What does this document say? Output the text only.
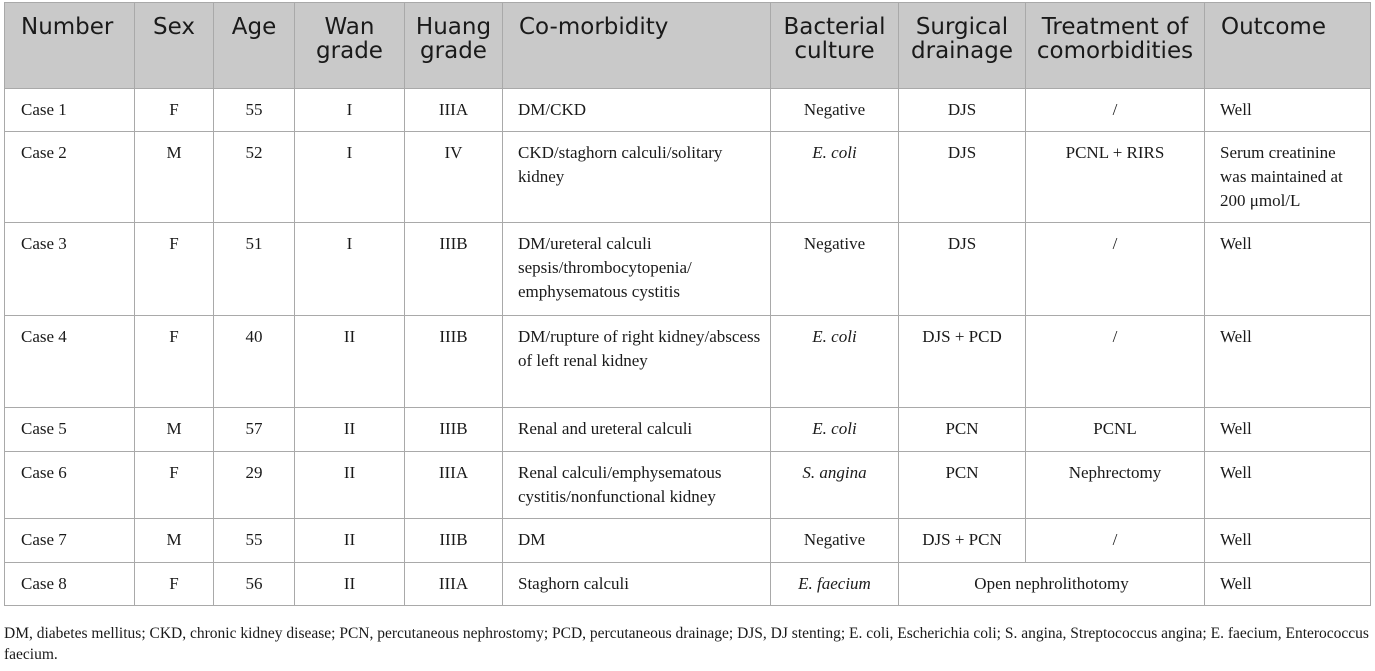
Number	Sex	Age	Wan grade	Huang grade	Co-morbidity	Bacterial culture	Surgical drainage	Treatment of comorbidities	Outcome
Case 1	F	55	I	IIIA	DM/CKD	Negative	DJS	/	Well
Case 2	M	52	I	IV	CKD/staghorn calculi/solitary kidney	E. coli	DJS	PCNL + RIRS	Serum creatinine was maintained at 200 μmol/L
Case 3	F	51	I	IIIB	DM/ureteral calculi sepsis/thrombocytopenia/ emphysematous cystitis	Negative	DJS	/	Well
Case 4	F	40	II	IIIB	DM/rupture of right kidney/abscess of left renal kidney	E. coli	DJS + PCD	/	Well
Case 5	M	57	II	IIIB	Renal and ureteral calculi	E. coli	PCN	PCNL	Well
Case 6	F	29	II	IIIA	Renal calculi/emphysematous cystitis/nonfunctional kidney	S. angina	PCN	Nephrectomy	Well
Case 7	M	55	II	IIIB	DM	Negative	DJS + PCN	/	Well
Case 8	F	56	II	IIIA	Staghorn calculi	E. faecium	Open nephrolithotomy		Well
DM, diabetes mellitus; CKD, chronic kidney disease; PCN, percutaneous nephrostomy; PCD, percutaneous drainage; DJS, DJ stenting; E. coli, Escherichia coli; S. angina, Streptococcus angina; E. faecium, Enterococcus faecium.
